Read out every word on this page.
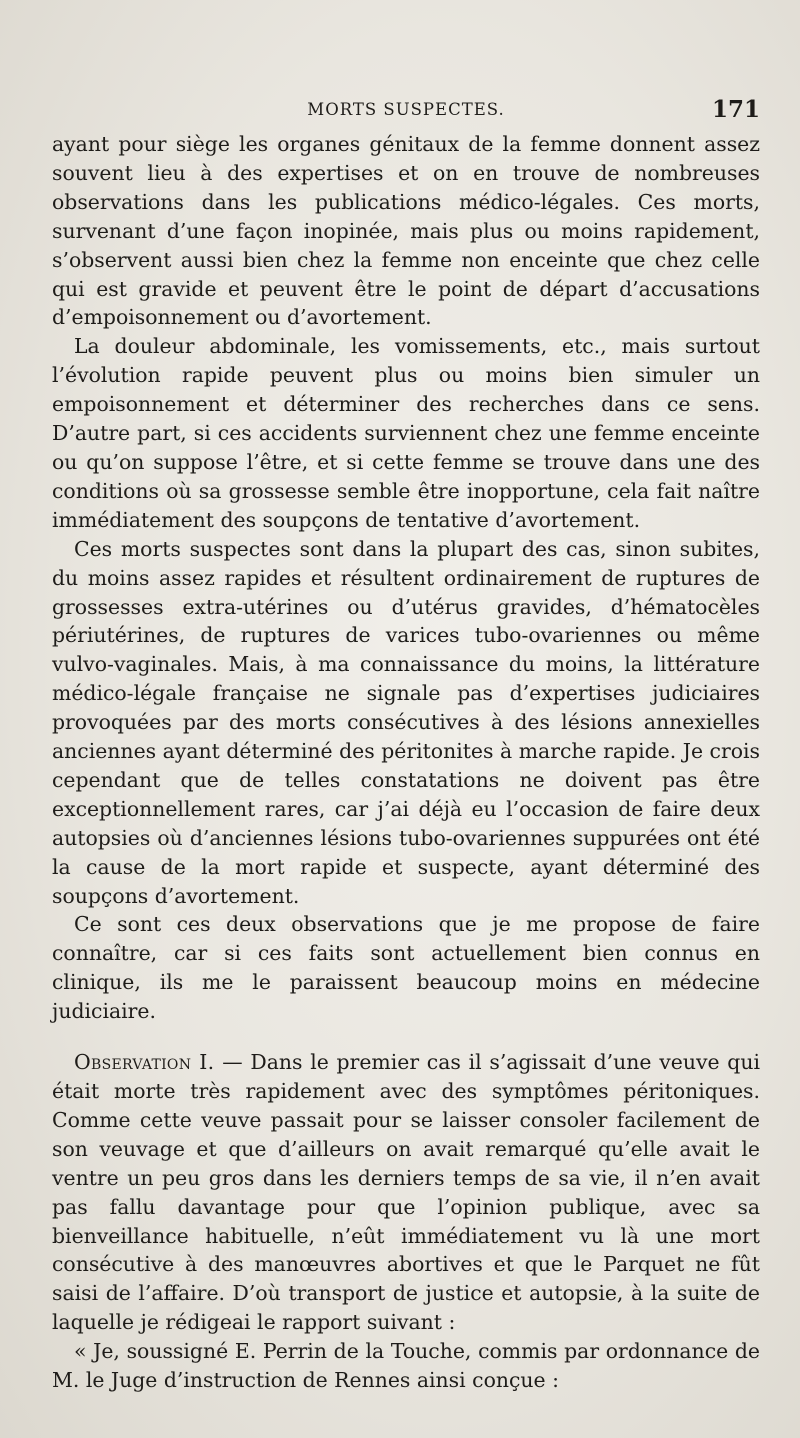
MORTS SUSPECTES.	171

ayant pour siège les organes génitaux de la femme donnent assez souvent lieu à des expertises et on en trouve de nombreuses observations dans les publications médico-légales. Ces morts, survenant d’une façon inopinée, mais plus ou moins rapidement, s’observent aussi bien chez la femme non enceinte que chez celle qui est gravide et peuvent être le point de départ d’accusations d’empoisonnement ou d’avortement.

La douleur abdominale, les vomissements, etc., mais surtout l’évolution rapide peuvent plus ou moins bien simuler un empoisonnement et déterminer des recherches dans ce sens. D’autre part, si ces accidents surviennent chez une femme enceinte ou qu’on suppose l’être, et si cette femme se trouve dans une des conditions où sa grossesse semble être inopportune, cela fait naître immédiatement des soupçons de tentative d’avortement.

Ces morts suspectes sont dans la plupart des cas, sinon subites, du moins assez rapides et résultent ordinairement de ruptures de grossesses extra-utérines ou d’utérus gravides, d’hématocèles périutérines, de ruptures de varices tubo-ovariennes ou même vulvo-vaginales. Mais, à ma connaissance du moins, la littérature médico-légale française ne signale pas d’expertises judiciaires provoquées par des morts consécutives à des lésions annexielles anciennes ayant déterminé des péritonites à marche rapide. Je crois cependant que de telles constatations ne doivent pas être exceptionnellement rares, car j’ai déjà eu l’occasion de faire deux autopsies où d’anciennes lésions tubo-ovariennes suppurées ont été la cause de la mort rapide et suspecte, ayant déterminé des soupçons d’avortement.

Ce sont ces deux observations que je me propose de faire connaître, car si ces faits sont actuellement bien connus en clinique, ils me le paraissent beaucoup moins en médecine judiciaire.

Observation I. — Dans le premier cas il s’agissait d’une veuve qui était morte très rapidement avec des symptômes péritoniques. Comme cette veuve passait pour se laisser consoler facilement de son veuvage et que d’ailleurs on avait remarqué qu’elle avait le ventre un peu gros dans les derniers temps de sa vie, il n’en avait pas fallu davantage pour que l’opinion publique, avec sa bienveillance habituelle, n’eût immédiatement vu là une mort consécutive à des manœuvres abortives et que le Parquet ne fût saisi de l’affaire. D’où transport de justice et autopsie, à la suite de laquelle je rédigeai le rapport suivant :

« Je, soussigné E. Perrin de la Touche, commis par ordonnance de M. le Juge d’instruction de Rennes ainsi conçue :
